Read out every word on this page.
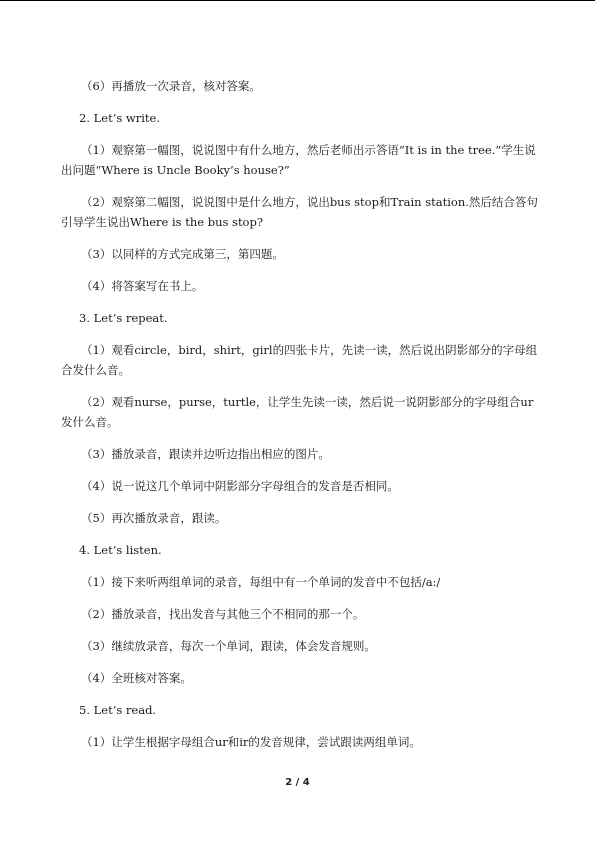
（6）再播放一次录音，核对答案。

2. Let’s write.

（1）观察第一幅图，说说图中有什么地方，然后老师出示答语“It is in the tree.”学生说出问题“Where is Uncle Booky’s house?”

（2）观察第二幅图，说说图中是什么地方，说出bus stop和Train station.然后结合答句引导学生说出Where is the bus stop?

（3）以同样的方式完成第三，第四题。

（4）将答案写在书上。

3. Let’s repeat.

（1）观看circle，bird，shirt，girl的四张卡片，先读一读，然后说出阴影部分的字母组合发什么音。

（2）观看nurse，purse，turtle，让学生先读一读，然后说一说阴影部分的字母组合ur发什么音。

（3）播放录音，跟读并边听边指出相应的图片。

（4）说一说这几个单词中阴影部分字母组合的发音是否相同。

（5）再次播放录音，跟读。

4. Let’s listen.

（1）接下来听两组单词的录音，每组中有一个单词的发音中不包括/a:/

（2）播放录音，找出发音与其他三个不相同的那一个。

（3）继续放录音，每次一个单词，跟读，体会发音规则。

（4）全班核对答案。

5. Let’s read.

（1）让学生根据字母组合ur和ir的发音规律，尝试跟读两组单词。

2 / 4
